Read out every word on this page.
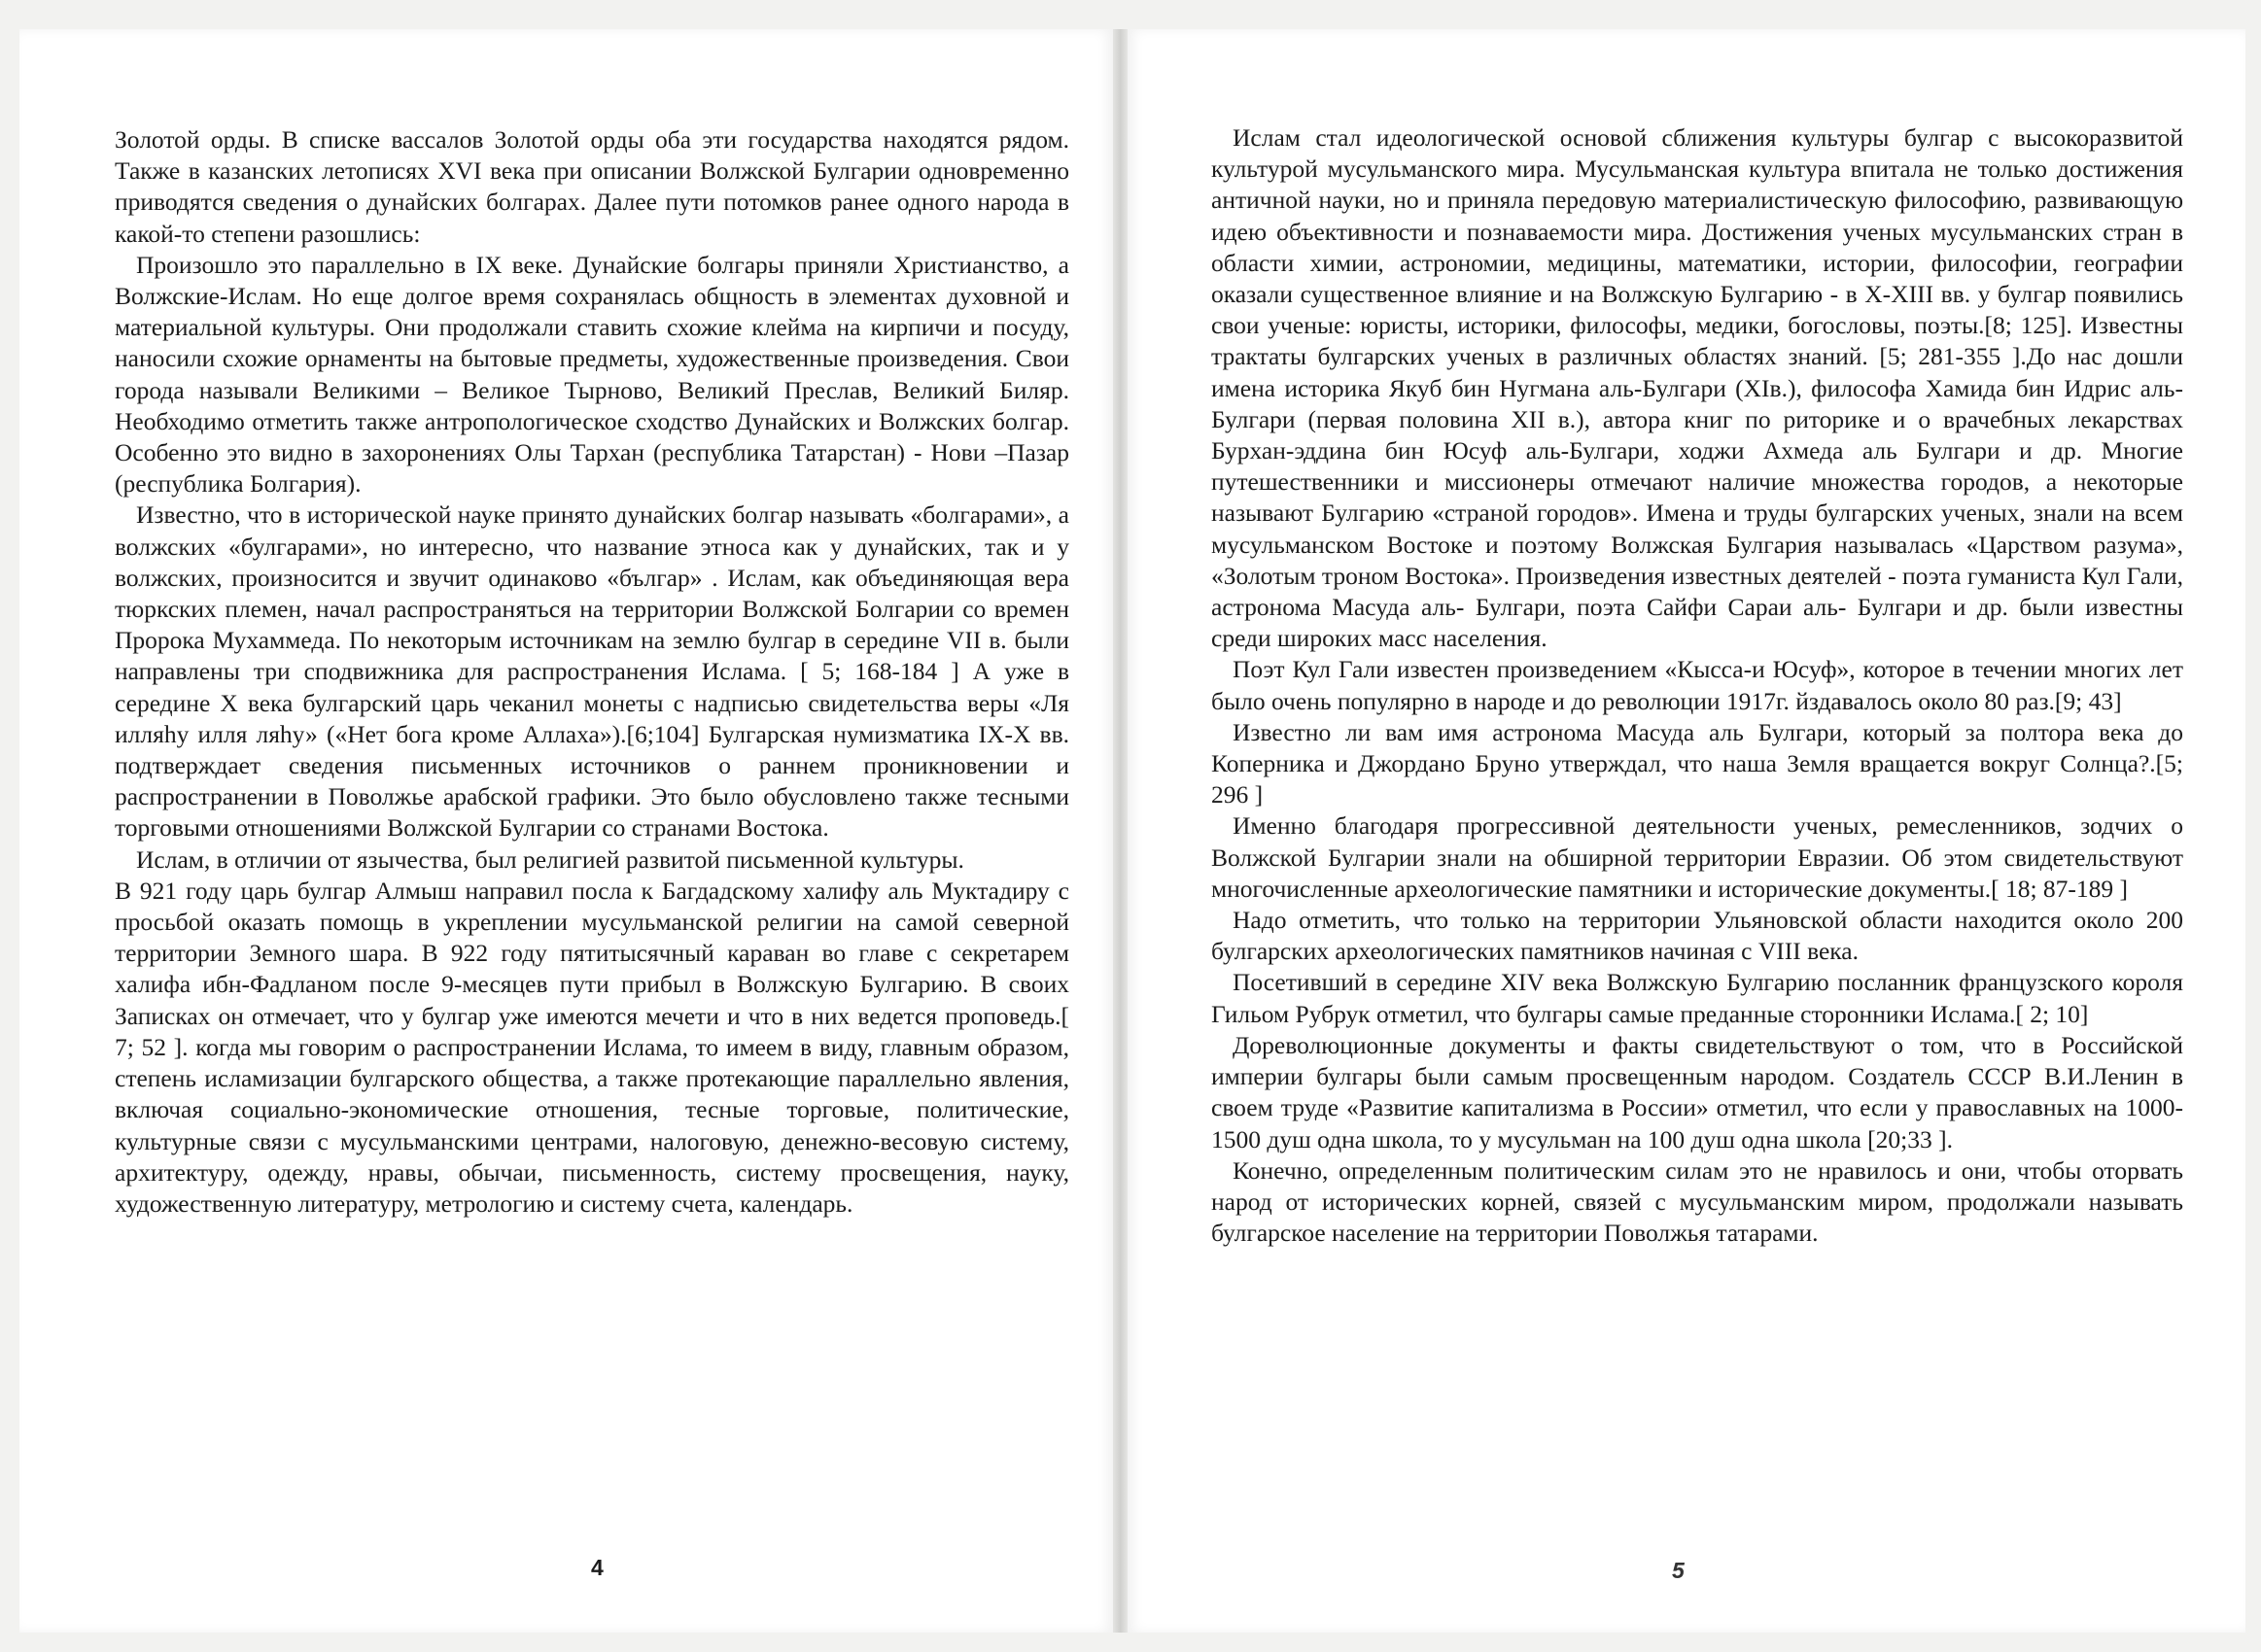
Золотой орды. В списке вассалов Золотой орды оба эти государства находятся рядом. Также в казанских летописях XVI века при описании Волжской Булгарии одновременно приводятся сведения о дунайских болгарах. Далее пути потомков ранее одного народа в какой-то степени разошлись:

Произошло это параллельно в IX веке. Дунайские болгары приняли Христианство, а Волжские-Ислам. Но еще долгое время сохранялась общность в элементах духовной и материальной культуры. Они продолжали ставить схожие клейма на кирпичи и посуду, наносили схожие орнаменты на бытовые предметы, художественные произведения. Свои города называли Великими – Великое Тырново, Великий Преслав, Великий Биляр. Необходимо отметить также антропологическое сходство Дунайских и Волжских болгар. Особенно это видно в захоронениях Олы Тархан (республика Татарстан) - Нови –Пазар (республика Болгария).

Известно, что в исторической науке принято дунайских болгар называть «болгарами», а волжских «булгарами», но интересно, что название этноса как у дунайских, так и у волжских, произносится и звучит одинаково «българ» . Ислам, как объединяющая вера тюркских племен, начал распространяться на территории Волжской Болгарии со времен Пророка Мухаммеда. По некоторым источникам на землю булгар в середине VII в. были направлены три сподвижника для распространения Ислама. [ 5; 168-184 ] А уже в середине X века булгарский царь чеканил монеты с надписью свидетельства веры «Ля илляhу илля ляhу» («Нет бога кроме Аллаха»).[6;104] Булгарская нумизматика IX-X вв. подтверждает сведения письменных источников о раннем проникновении и распространении в Поволжье арабской графики. Это было обусловлено также тесными торговыми отношениями Волжской Булгарии со странами Востока.

Ислам, в отличии от язычества, был религией развитой письменной культуры.

В 921 году царь булгар Алмыш направил посла к Багдадскому халифу аль Муктадиру с просьбой оказать помощь в укреплении мусульманской религии на самой северной территории Земного шара. В 922 году пятитысячный караван во главе с секретарем халифа ибн-Фадланом после 9-месяцев пути прибыл в Волжскую Булгарию. В своих Записках он отмечает, что у булгар уже имеются мечети и что в них ведется проповедь.[ 7; 52 ]. когда мы говорим о распространении Ислама, то имеем в виду, главным образом, степень исламизации булгарского общества, а также протекающие параллельно явления, включая социально-экономические отношения, тесные торговые, политические, культурные связи с мусульманскими центрами, налоговую, денежно-весовую систему, архитектуру, одежду, нравы, обычаи, письменность, систему просвещения, науку, художественную литературу, метрологию и систему счета, календарь.

4

Ислам стал идеологической основой сближения культуры булгар с высокоразвитой культурой мусульманского мира. Мусульманская культура впитала не только достижения античной науки, но и приняла передовую материалистическую философию, развивающую идею объективности и познаваемости мира. Достижения ученых мусульманских стран в области химии, астрономии, медицины, математики, истории, философии, географии оказали существенное влияние и на Волжскую Булгарию - в X-XIII вв. у булгар появились свои ученые: юристы, историки, философы, медики, богословы, поэты.[8; 125]. Известны трактаты булгарских ученых в различных областях знаний. [5; 281-355 ].До нас дошли имена историка Якуб бин Нугмана аль-Булгари (XIв.), философа Хамида бин Идрис аль-Булгари (первая половина XII в.), автора книг по риторике и о врачебных лекарствах Бурхан-эддина бин Юсуф аль-Булгари, ходжи Ахмеда аль Булгари и др. Многие путешественники и миссионеры отмечают наличие множества городов, а некоторые называют Булгарию «страной городов». Имена и труды булгарских ученых, знали на всем мусульманском Востоке и поэтому Волжская Булгария называлась «Царством разума», «Золотым троном Востока». Произведения известных деятелей - поэта гуманиста Кул Гали, астронома Масуда аль- Булгари, поэта Сайфи Сараи аль- Булгари и др. были известны среди широких масс населения.

Поэт Кул Гали известен произведением «Кысса-и Юсуф», которое в течении многих лет было очень популярно в народе и до революции 1917г. йздавалось около 80 раз.[9; 43]

Известно ли вам имя астронома Масуда аль Булгари, который за полтора века до Коперника и Джордано Бруно утверждал, что наша Земля вращается вокруг Солнца?.[5; 296 ]

Именно благодаря прогрессивной деятельности ученых, ремесленников, зодчих о Волжской Булгарии знали на обширной территории Евразии. Об этом свидетельствуют многочисленные археологические памятники и исторические документы.[ 18; 87-189 ]

Надо отметить, что только на территории Ульяновской области находится около 200 булгарских археологических памятников начиная с VIII века.

Посетивший в середине XIV века Волжскую Булгарию посланник французского короля Гильом Рубрук отметил, что булгары самые преданные сторонники Ислама.[ 2; 10]

Дореволюционные документы и факты свидетельствуют о том, что в Российской империи булгары были самым просвещенным народом. Создатель СССР В.И.Ленин в своем труде «Развитие капитализма в России» отметил, что если у православных на 1000-1500 душ одна школа, то у мусульман на 100 душ одна школа [20;33 ].

Конечно, определенным политическим силам это не нравилось и они, чтобы оторвать народ от исторических корней, связей с мусульманским миром, продолжали называть булгарское население на территории Поволжья татарами.

5
